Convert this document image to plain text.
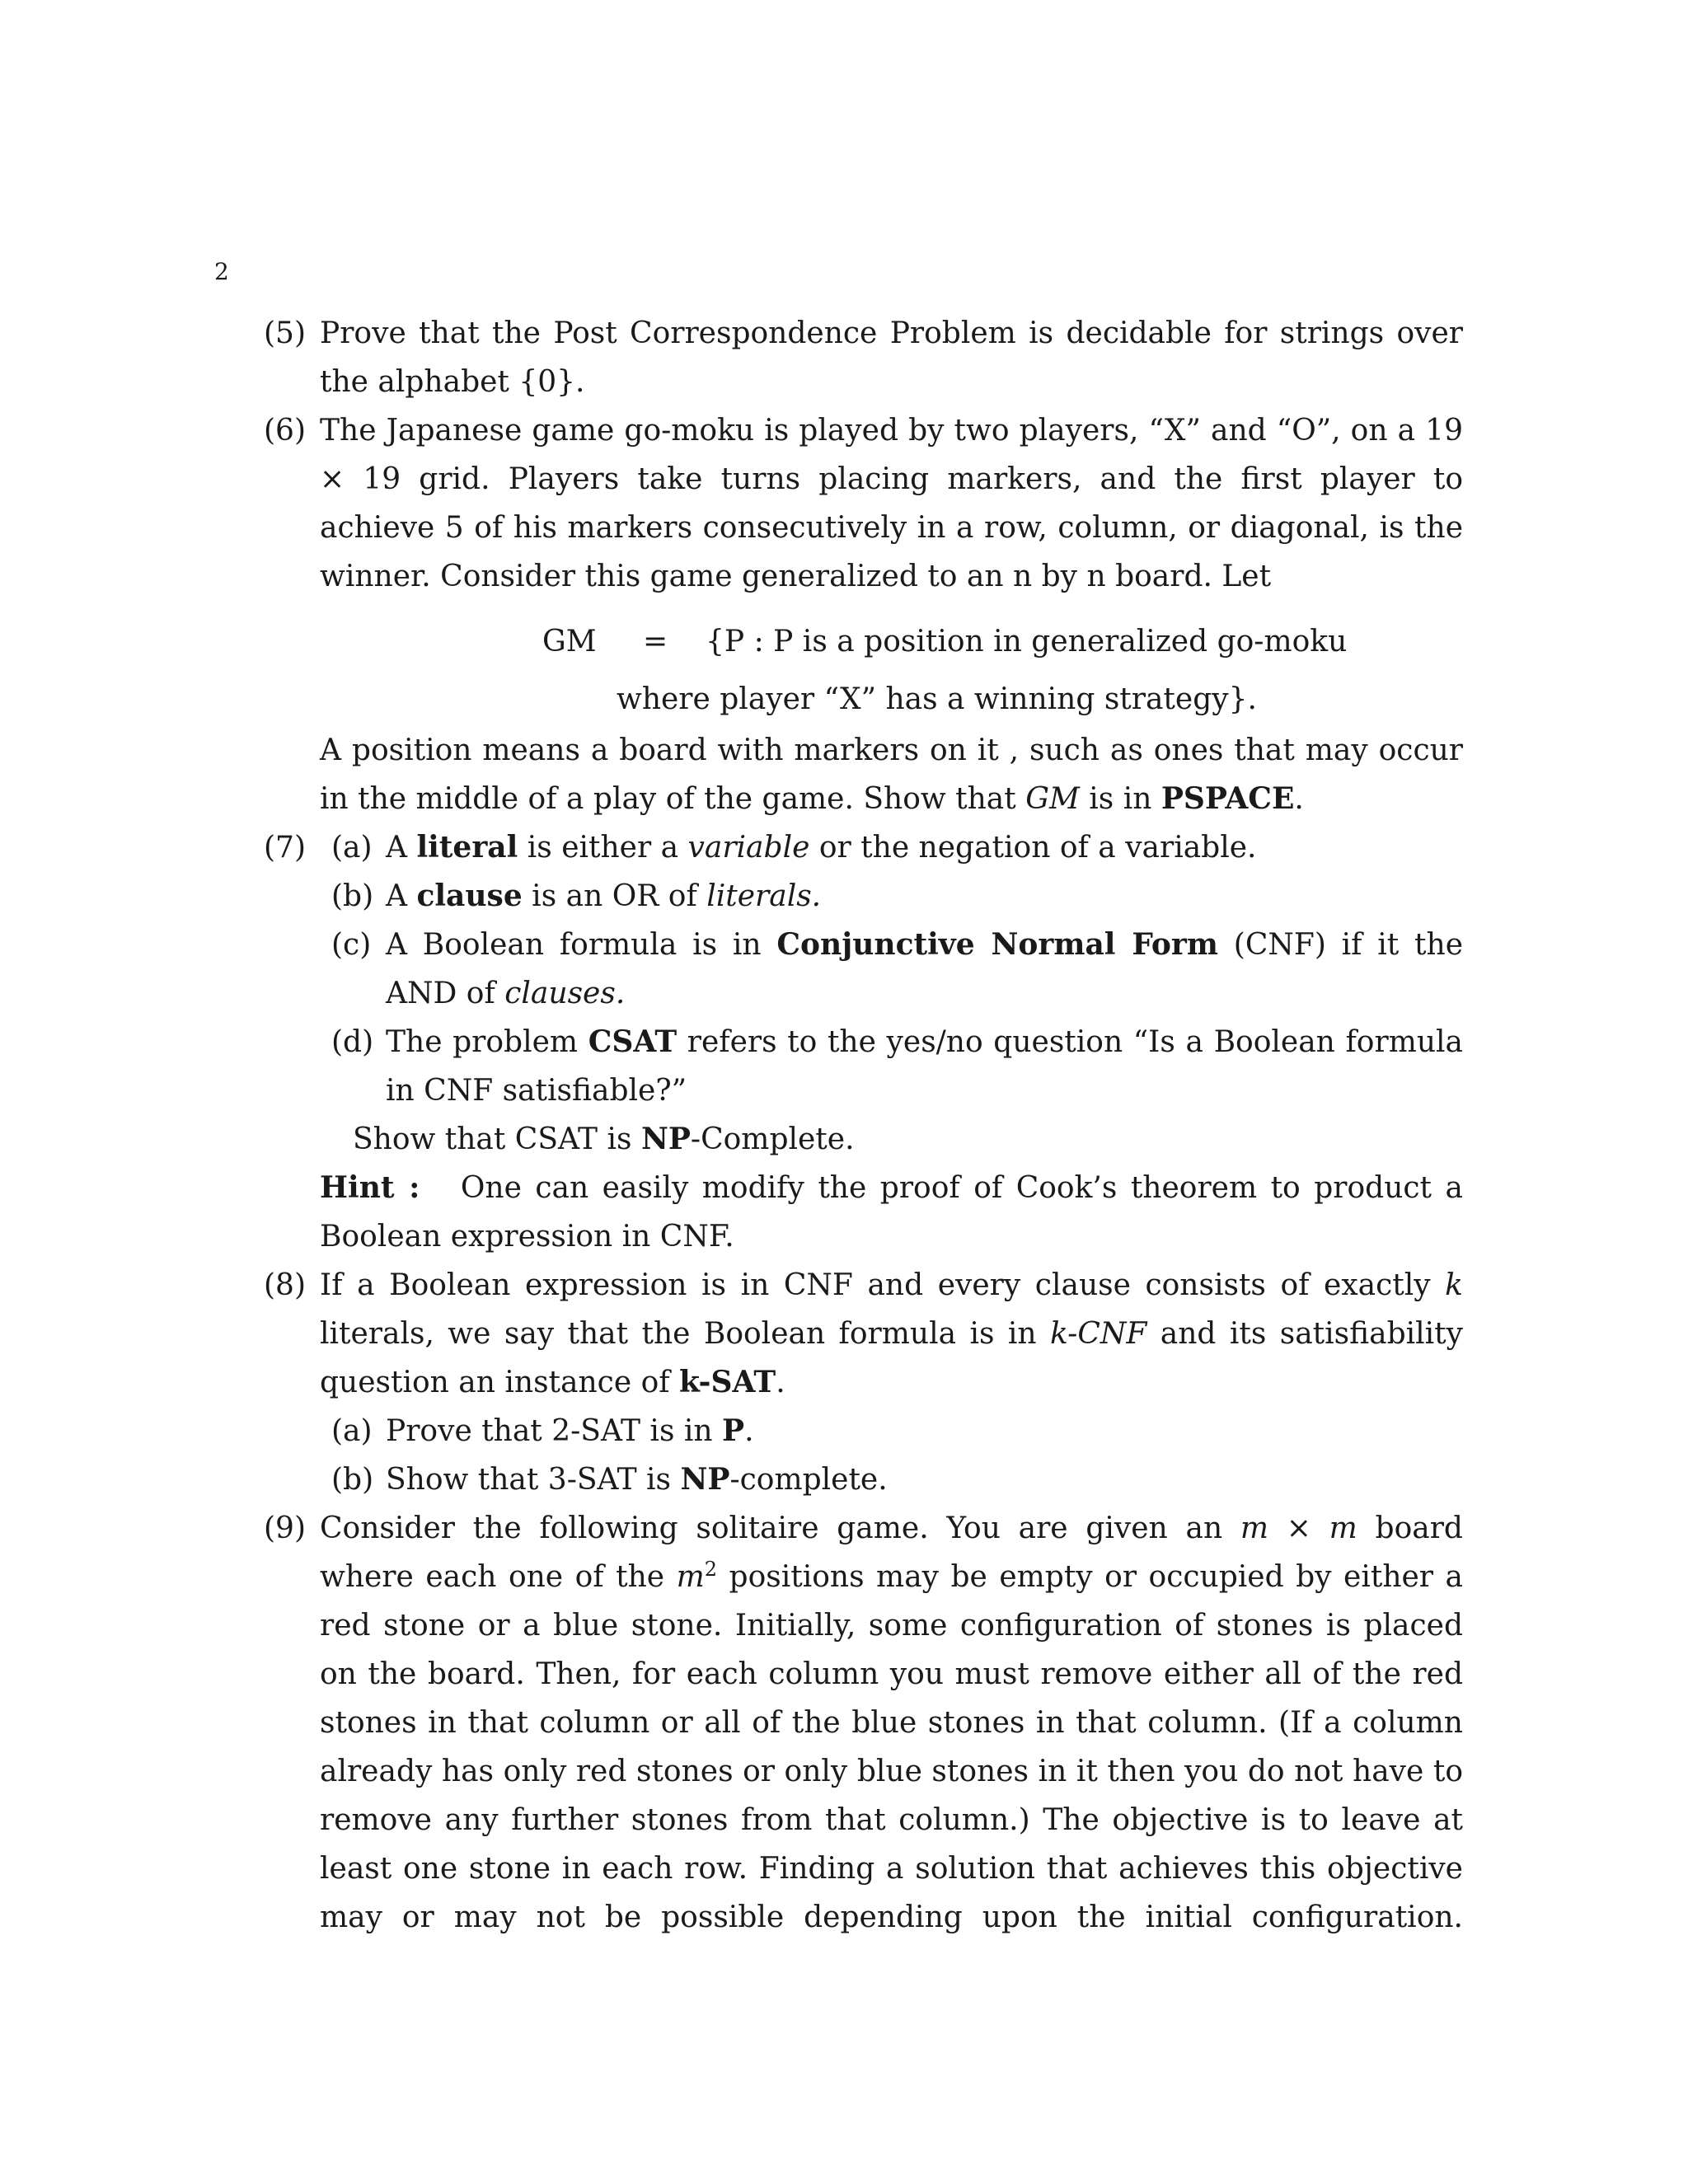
2
(5) Prove that the Post Correspondence Problem is decidable for strings over the alphabet {0}.
(6) The Japanese game go-moku is played by two players, “X” and “O”, on a 19 × 19 grid. Players take turns placing markers, and the first player to achieve 5 of his markers consecutively in a row, column, or diagonal, is the winner. Consider this game generalized to an n by n board. Let
GM = {P : P is a position in generalized go-moku
where player “X” has a winning strategy}.
A position means a board with markers on it , such as ones that may occur in the middle of a play of the game. Show that GM is in PSPACE.
(7) (a) A literal is either a variable or the negation of a variable.
(b) A clause is an OR of literals.
(c) A Boolean formula is in Conjunctive Normal Form (CNF) if it the AND of clauses.
(d) The problem CSAT refers to the yes/no question “Is a Boolean formula in CNF satisfiable?”
Show that CSAT is NP-Complete.
Hint : One can easily modify the proof of Cook’s theorem to product a Boolean expression in CNF.
(8) If a Boolean expression is in CNF and every clause consists of exactly k literals, we say that the Boolean formula is in k-CNF and its satisfiability question an instance of k-SAT.
(a) Prove that 2-SAT is in P.
(b) Show that 3-SAT is NP-complete.
(9) Consider the following solitaire game. You are given an m × m board where each one of the $m^2$ positions may be empty or occupied by either a red stone or a blue stone. Initially, some configuration of stones is placed on the board. Then, for each column you must remove either all of the red stones in that column or all of the blue stones in that column. (If a column already has only red stones or only blue stones in it then you do not have to remove any further stones from that column.) The objective is to leave at least one stone in each row. Finding a solution that achieves this objective may or may not be possible depending upon the initial configuration.
